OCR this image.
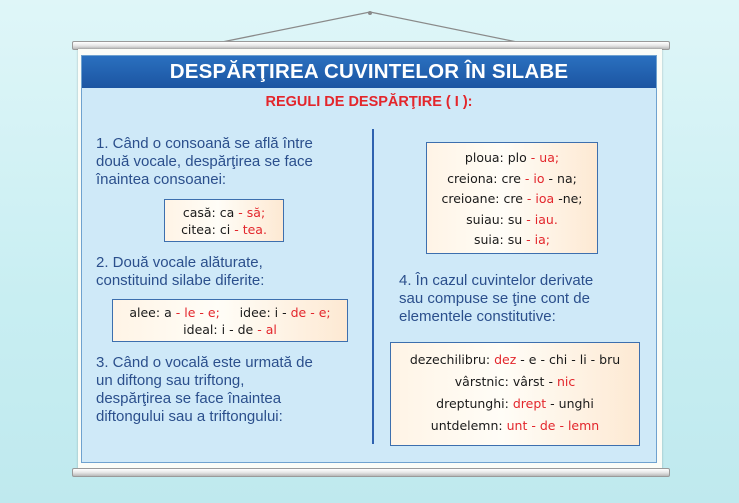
DESPĂRŢIREA CUVINTELOR ÎN SILABE
REGULI DE DESPĂRŢIRE ( I ):
1. Când o consoană se află între
două vocale, despărţirea se face
înaintea consoanei:
casă: ca - să;
citea: ci - tea.
2. Două vocale alăturate,
constituind silabe diferite:
alee: a - le - e; idee: i - de - e;
ideal: i - de - al
3. Când o vocală este urmată de
un diftong sau triftong,
despărţirea se face înaintea
diftongului sau a triftongului:
ploua: plo - ua;
creiona: cre - io - na;
creioane: cre - ioa -ne;
suiau: su - iau.
suia: su - ia;
4. În cazul cuvintelor derivate
sau compuse se ţine cont de
elementele constitutive:
dezechilibru: dez - e - chi - li - bru
vârstnic: vârst - nic
dreptunghi: drept - unghi
untdelemn: unt - de - lemn
